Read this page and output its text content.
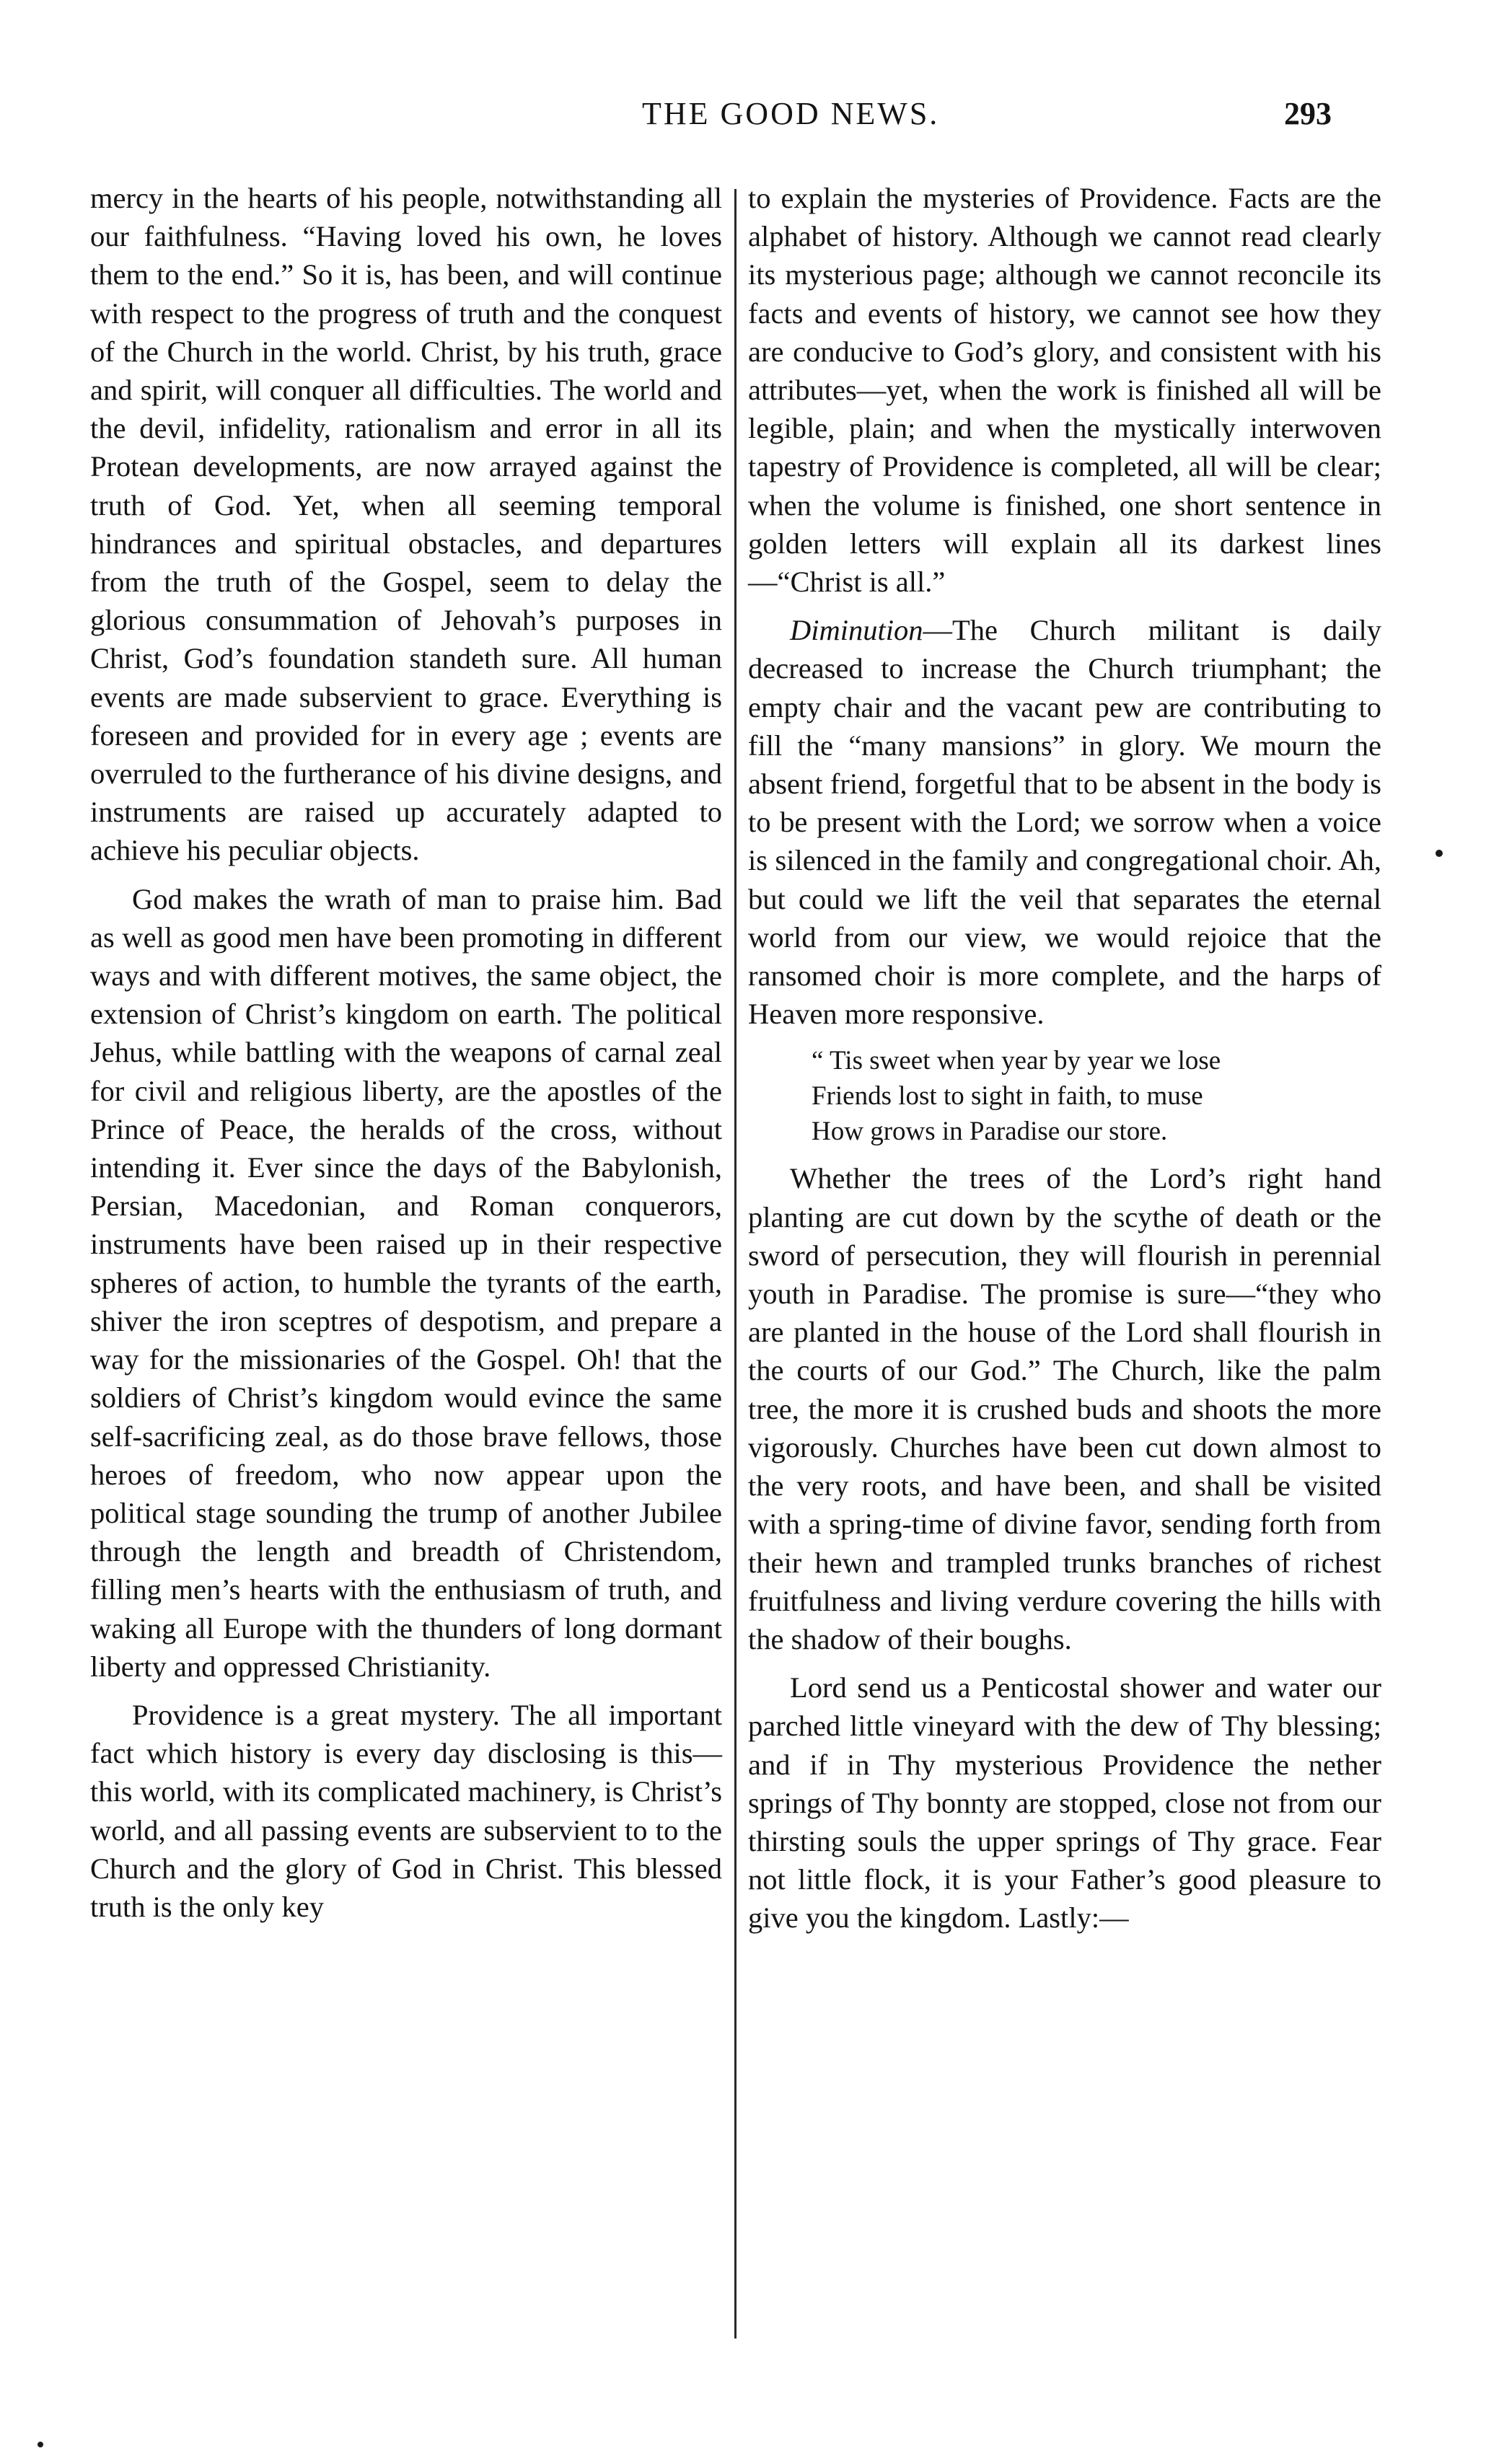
THE GOOD NEWS.	293

mercy in the hearts of his people, notwithstanding all our faithfulness. “Having loved his own, he loves them to the end.” So it is, has been, and will continue with respect to the progress of truth and the conquest of the Church in the world. Christ, by his truth, grace and spirit, will conquer all difficulties. The world and the devil, infidelity, rationalism and error in all its Protean developments, are now arrayed against the truth of God. Yet, when all seeming temporal hindrances and spiritual obstacles, and departures from the truth of the Gospel, seem to delay the glorious consummation of Jehovah’s purposes in Christ, God’s foundation standeth sure. All human events are made subservient to grace. Everything is foreseen and provided for in every age ; events are overruled to the furtherance of his divine designs, and instruments are raised up accurately adapted to achieve his peculiar objects.

God makes the wrath of man to praise him. Bad as well as good men have been promoting in different ways and with different motives, the same object, the extension of Christ’s kingdom on earth. The political Jehus, while battling with the weapons of carnal zeal for civil and religious liberty, are the apostles of the Prince of Peace, the heralds of the cross, without intending it. Ever since the days of the Babylonish, Persian, Macedonian, and Roman conquerors, instruments have been raised up in their respective spheres of action, to humble the tyrants of the earth, shiver the iron sceptres of despotism, and prepare a way for the missionaries of the Gospel. Oh! that the soldiers of Christ’s kingdom would evince the same self-sacrificing zeal, as do those brave fellows, those heroes of freedom, who now appear upon the political stage sounding the trump of another Jubilee through the length and breadth of Christendom, filling men’s hearts with the enthusiasm of truth, and waking all Europe with the thunders of long dormant liberty and oppressed Christianity.

Providence is a great mystery. The all important fact which history is every day disclosing is this—this world, with its complicated machinery, is Christ’s world, and all passing events are subservient to to the Church and the glory of God in Christ. This blessed truth is the only key

to explain the mysteries of Providence. Facts are the alphabet of history. Although we cannot read clearly its mysterious page; although we cannot reconcile its facts and events of history, we cannot see how they are conducive to God’s glory, and consistent with his attributes—yet, when the work is finished all will be legible, plain; and when the mystically interwoven tapestry of Providence is completed, all will be clear; when the volume is finished, one short sentence in golden letters will explain all its darkest lines—“Christ is all.”

Diminution—The Church militant is daily decreased to increase the Church triumphant; the empty chair and the vacant pew are contributing to fill the “many mansions” in glory. We mourn the absent friend, forgetful that to be absent in the body is to be present with the Lord; we sorrow when a voice is silenced in the family and congregational choir. Ah, but could we lift the veil that separates the eternal world from our view, we would rejoice that the ransomed choir is more complete, and the harps of Heaven more responsive.

“ Tis sweet when year by year we lose
Friends lost to sight in faith, to muse
How grows in Paradise our store.

Whether the trees of the Lord’s right hand planting are cut down by the scythe of death or the sword of persecution, they will flourish in perennial youth in Paradise. The promise is sure—“they who are planted in the house of the Lord shall flourish in the courts of our God.” The Church, like the palm tree, the more it is crushed buds and shoots the more vigorously. Churches have been cut down almost to the very roots, and have been, and shall be visited with a spring-time of divine favor, sending forth from their hewn and trampled trunks branches of richest fruitfulness and living verdure covering the hills with the shadow of their boughs.

Lord send us a Penticostal shower and water our parched little vineyard with the dew of Thy blessing; and if in Thy mysterious Providence the nether springs of Thy bonnty are stopped, close not from our thirsting souls the upper springs of Thy grace. Fear not little flock, it is your Father’s good pleasure to give you the kingdom. Lastly:—
